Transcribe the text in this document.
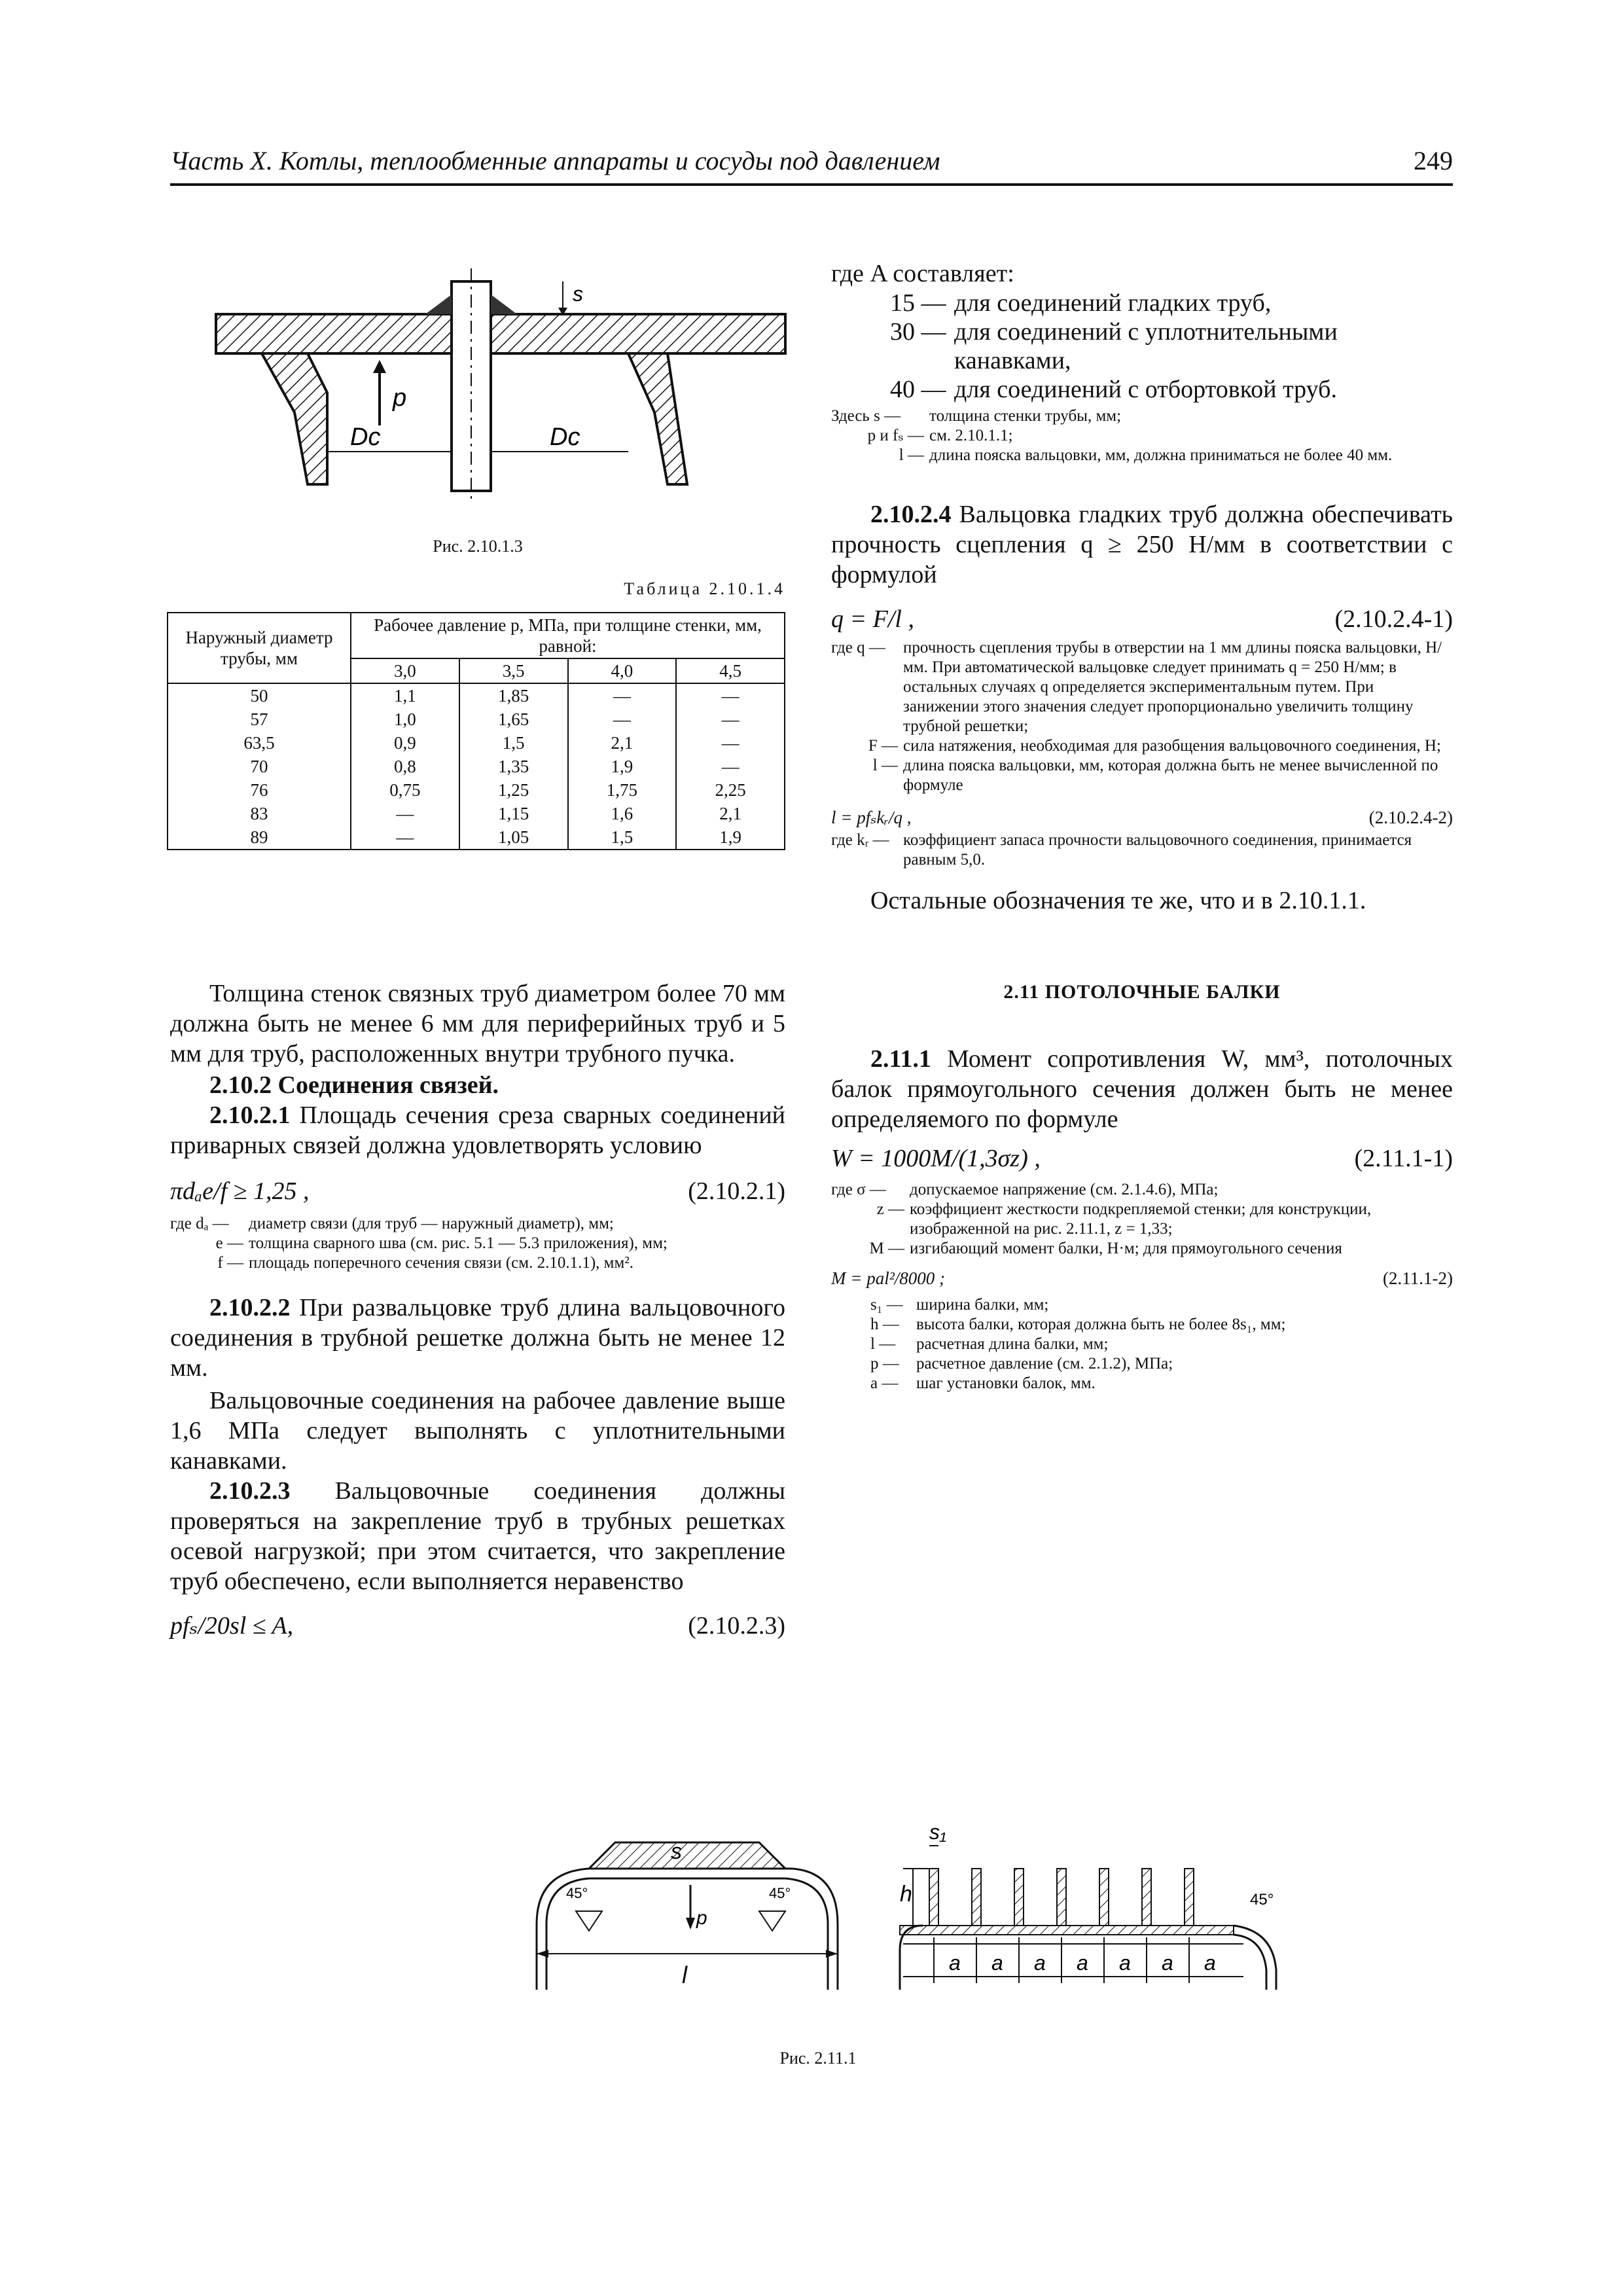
Часть X. Котлы, теплообменные аппараты и сосуды под давлением	249
s
p
Dc	Dc
Рис. 2.10.1.3
Таблица 2.10.1.4
Наружный диаметр трубы, мм	Рабочее давление p, МПа, при толщине стенки, мм, равной:			
	3,0	3,5	4,0	4,5
50	1,1	1,85	—	—
57	1,0	1,65	—	—
63,5	0,9	1,5	2,1	—
70	0,8	1,35	1,9	—
76	0,75	1,25	1,75	2,25
83	—	1,15	1,6	2,1
89	—	1,05	1,5	1,9
Толщина стенок связных труб диаметром более 70 мм должна быть не менее 6 мм для периферийных труб и 5 мм для труб, расположенных внутри трубного пучка.
2.10.2 Соединения связей.
2.10.2.1 Площадь сечения среза сварных соединений приварных связей должна удовлетворять условию
πdₐe/f ≥ 1,25 ,	(2.10.2.1)
где dₐ —	диаметр связи (для труб — наружный диаметр), мм;
e — толщина сварного шва (см. рис. 5.1 — 5.3 приложения), мм;
f — площадь поперечного сечения связи (см. 2.10.1.1), мм².
2.10.2.2 При развальцовке труб длина вальцовочного соединения в трубной решетке должна быть не менее 12 мм.
Вальцовочные соединения на рабочее давление выше 1,6 МПа следует выполнять с уплотнительными канавками.
2.10.2.3 Вальцовочные соединения должны проверяться на закрепление труб в трубных решетках осевой нагрузкой; при этом считается, что закрепление труб обеспечено, если выполняется неравенство
pfₛ/20sl ≤ A,	(2.10.2.3)
где A составляет:
15 — для соединений гладких труб,
30 — для соединений с уплотнительными канавками,
40 — для соединений с отбортовкой труб.
Здесь s —	толщина стенки трубы, мм;
p и fₛ — см. 2.10.1.1;
l — длина пояска вальцовки, мм, должна приниматься не более 40 мм.
2.10.2.4 Вальцовка гладких труб должна обеспечивать прочность сцепления q ≥ 250 Н/мм в соответствии с формулой
q = F/l ,	(2.10.2.4-1)
где q —	прочность сцепления трубы в отверстии на 1 мм длины пояска вальцовки, Н/мм. При автоматической вальцовке следует принимать q = 250 Н/мм; в остальных случаях q определяется экспериментальным путем. При занижении этого значения следует пропорционально увеличить толщину трубной решетки;
F — сила натяжения, необходимая для разобщения вальцовочного соединения, Н;
l — длина пояска вальцовки, мм, которая должна быть не менее вычисленной по формуле
l = pfₛkᵣ/q ,	(2.10.2.4-2)
где kᵣ — коэффициент запаса прочности вальцовочного соединения, принимается равным 5,0.
Остальные обозначения те же, что и в 2.10.1.1.
2.11 ПОТОЛОЧНЫЕ БАЛКИ
2.11.1 Момент сопротивления W, мм³, потолочных балок прямоугольного сечения должен быть не менее определяемого по формуле
W = 1000M/(1,3σz) ,	(2.11.1-1)
где σ —	допускаемое напряжение (см. 2.1.4.6), МПа;
z — коэффициент жесткости подкрепляемой стенки; для конструкции, изображенной на рис. 2.11.1, z = 1,33;
M — изгибающий момент балки, Н·м; для прямоугольного сечения
M = pal²/8000 ;	(2.11.1-2)
s₁ — ширина балки, мм;
h —	высота балки, которая должна быть не более 8s₁, мм;
l —	расчетная длина балки, мм;
p —	расчетное давление (см. 2.1.2), МПа;
a —	шаг установки балок, мм.
s
p
l
45°	45°	h
s₁
a a a a a a a
45°
Рис. 2.11.1
